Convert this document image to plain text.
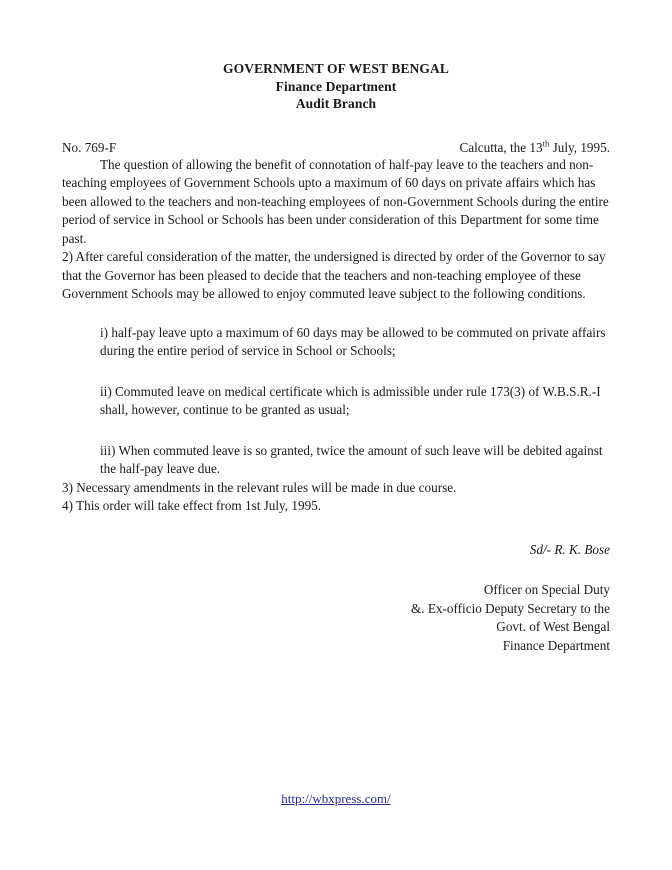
GOVERNMENT OF WEST BENGAL
Finance Department
Audit Branch
No. 769-F	Calcutta, the 13th July, 1995.

The question of allowing the benefit of connotation of half-pay leave to the teachers and non-teaching employees of Government Schools upto a maximum of 60 days on private affairs which has been allowed to the teachers and non-teaching employees of non-Government Schools during the entire period of service in School or Schools has been under consideration of this Department for some time past.

2) After careful consideration of the matter, the undersigned is directed by order of the Governor to say that the Governor has been pleased to decide that the teachers and non-teaching employee of these Government Schools may be allowed to enjoy commuted leave subject to the following conditions.

i) half-pay leave upto a maximum of 60 days may be allowed to be commuted on private affairs during the entire period of service in School or Schools;

ii) Commuted leave on medical certificate which is admissible under rule 173(3) of W.B.S.R.-I shall, however, continue to be granted as usual;

iii) When commuted leave is so granted, twice the amount of such leave will be debited against the half-pay leave due.

3) Necessary amendments in the relevant rules will be made in due course.

4) This order will take effect from 1st July, 1995.

Sd/- R. K. Bose
Officer on Special Duty
&. Ex-officio Deputy Secretary to the
Govt. of West Bengal
Finance Department
http://wbxpress.com/
